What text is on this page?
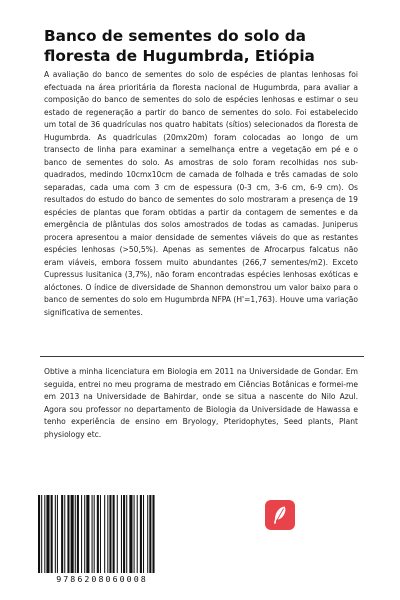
Banco de sementes do solo da
floresta de Hugumbrda, Etiópia

A avaliação do banco de sementes do solo de espécies de plantas lenhosas foi efectuada na área prioritária da floresta nacional de Hugumbrda, para avaliar a composição do banco de sementes do solo de espécies lenhosas e estimar o seu estado de regeneração a partir do banco de sementes do solo. Foi estabelecido um total de 36 quadrículas nos quatro habitats (sítios) selecionados da floresta de Hugumbrda. As quadrículas (20mx20m) foram colocadas ao longo de um transecto de linha para examinar a semelhança entre a vegetação em pé e o banco de sementes do solo. As amostras de solo foram recolhidas nos sub-quadrados, medindo 10cmx10cm de camada de folhada e três camadas de solo separadas, cada uma com 3 cm de espessura (0-3 cm, 3-6 cm, 6-9 cm). Os resultados do estudo do banco de sementes do solo mostraram a presença de 19 espécies de plantas que foram obtidas a partir da contagem de sementes e da emergência de plântulas dos solos amostrados de todas as camadas. Juniperus procera apresentou a maior densidade de sementes viáveis do que as restantes espécies lenhosas (>50,5%). Apenas as sementes de Afrocarpus falcatus não eram viáveis, embora fossem muito abundantes (266,7 sementes/m2). Exceto Cupressus lusitanica (3,7%), não foram encontradas espécies lenhosas exóticas e alóctones. O índice de diversidade de Shannon demonstrou um valor baixo para o banco de sementes do solo em Hugumbrda NFPA (H'=1,763). Houve uma variação significativa de sementes.

Obtive a minha licenciatura em Biologia em 2011 na Universidade de Gondar. Em seguida, entrei no meu programa de mestrado em Ciências Botânicas e formei-me em 2013 na Universidade de Bahirdar, onde se situa a nascente do Nilo Azul. Agora sou professor no departamento de Biologia da Universidade de Hawassa e tenho experiência de ensino em Bryology, Pteridophytes, Seed plants, Plant physiology etc.

9786208060008
